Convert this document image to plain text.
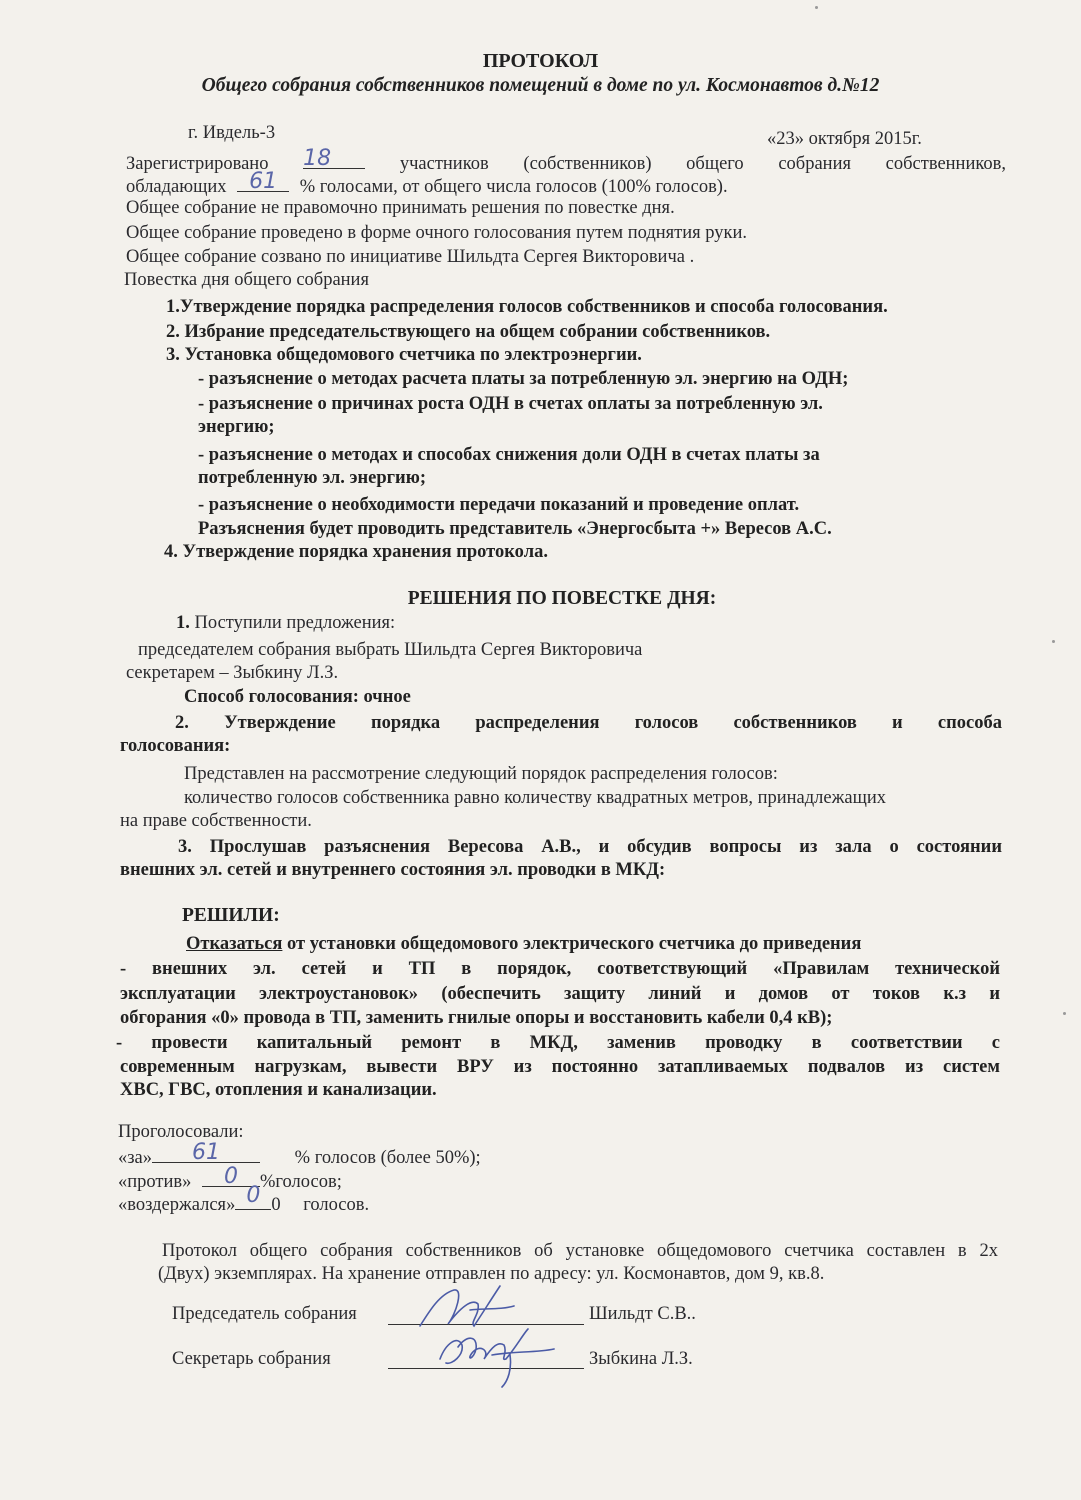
ПРОТОКОЛ
Общего собрания собственников помещений в доме по ул. Космонавтов д.№12
г. Ивдель-3	«23» октября 2015г.
Зарегистрировано 18	участников (собственников) общего собрания собственников,
обладающих	61	% голосами, от общего числа голосов (100% голосов).
Общее собрание не правомочно принимать решения по повестке дня.
Общее собрание проведено в форме очного голосования путем поднятия руки.
Общее собрание созвано по инициативе Шильдта Сергея Викторовича .
Повестка дня общего собрания
1.Утверждение порядка распределения голосов собственников и способа голосования.
2. Избрание председательствующего на общем собрании собственников.
3. Установка общедомового счетчика по электроэнергии.
- разъяснение о методах расчета платы за потребленную эл. энергию на ОДН;
- разъяснение о причинах роста ОДН в счетах оплаты за потребленную эл.
энергию;
- разъяснение о методах и способах снижения доли ОДН в счетах платы за
потребленную эл. энергию;
- разъяснение о необходимости передачи показаний и проведение оплат.
Разъяснения будет проводить представитель «Энергосбыта +» Вересов А.С.
4. Утверждение порядка хранения протокола.
РЕШЕНИЯ ПО ПОВЕСТКЕ ДНЯ:
1. Поступили предложения:
председателем собрания выбрать Шильдта Сергея Викторовича
секретарем – Зыбкину Л.З.
Способ голосования: очное
2. Утверждение порядка распределения голосов собственников и способа
голосования:
Представлен на рассмотрение следующий порядок распределения голосов:
количество голосов собственника равно количеству квадратных метров, принадлежащих
на праве собственности.
3. Прослушав разъяснения Вересова А.В., и обсудив вопросы из зала о состоянии
внешних эл. сетей и внутреннего состояния эл. проводки в МКД:
РЕШИЛИ:
Отказаться от установки общедомового электрического счетчика до приведения
- внешних эл. сетей и ТП в порядок, соответствующий «Правилам технической
эксплуатации электроустановок» (обеспечить защиту линий и домов от токов к.з и
обгорания «0» провода в ТП, заменить гнилые опоры и восстановить кабели 0,4 кВ);
- провести капитальный ремонт в МКД, заменив проводку в соответствии с
современным нагрузкам, вывести ВРУ из постоянно затапливаемых подвалов из систем
ХВС, ГВС, отопления и канализации.
Проголосовали:
«за»	61	% голосов (более 50%);
«против»	0	%голосов;
«воздержался» 0 0 голосов.
Протокол общего собрания собственников об установке общедомового счетчика составлен в 2х
(Двух) экземплярах. На хранение отправлен по адресу: ул. Космонавтов, дом 9, кв.8.
Председатель собрания	Шильдт С.В..
Секретарь собрания	Зыбкина Л.З.
